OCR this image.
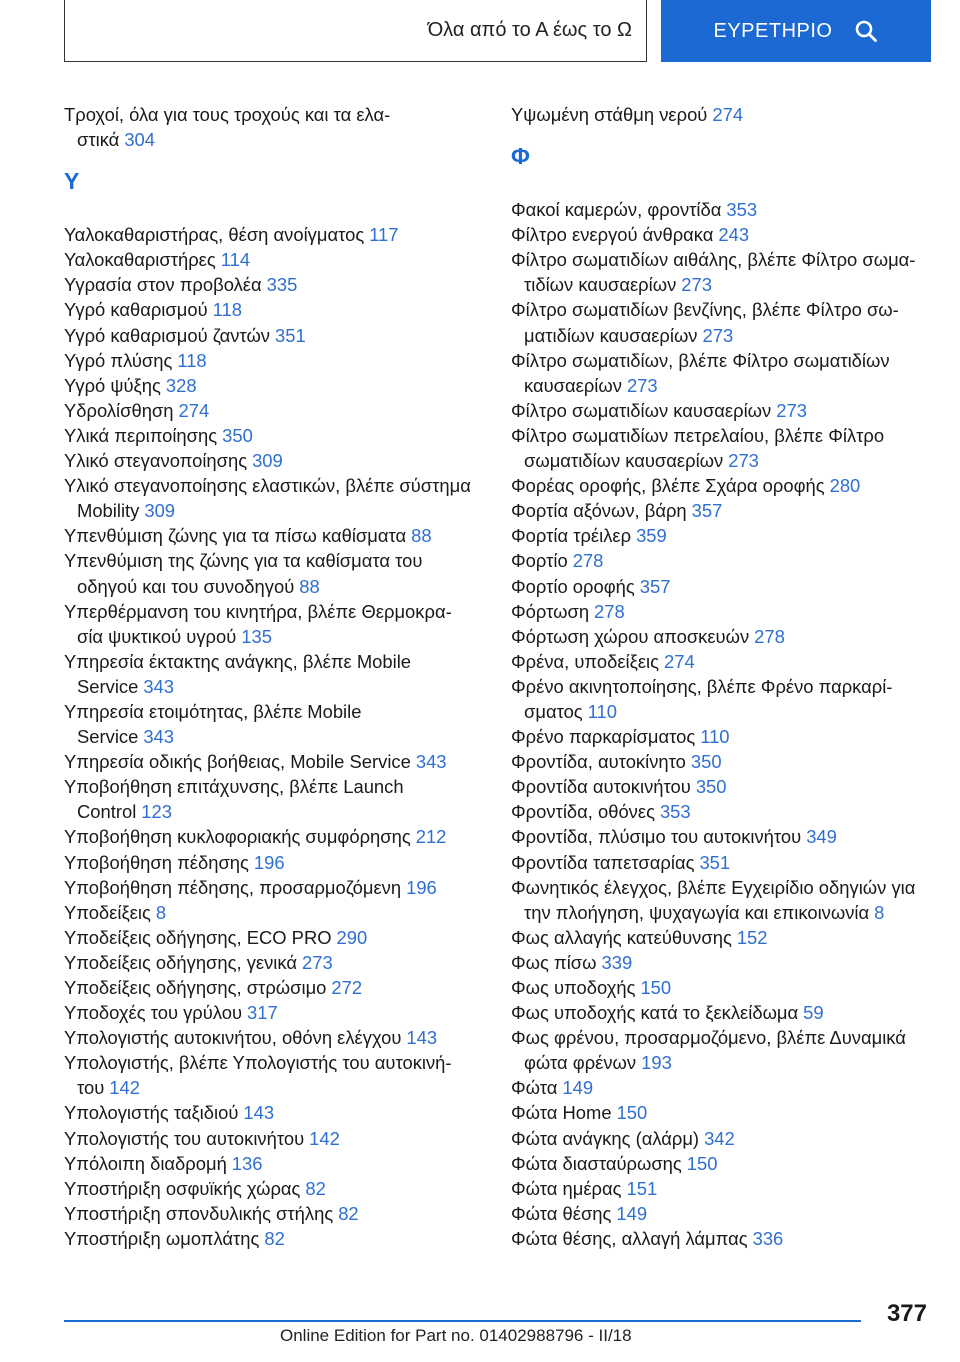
Όλα από το Α έως το Ω	ΕΥΡΕΤΗΡΙΟ
Τροχοί, όλα για τους τροχούς και τα ελα-
στικά 304
Υ
Υαλοκαθαριστήρας, θέση ανοίγματος 117
Υαλοκαθαριστήρες 114
Υγρασία στον προβολέα 335
Υγρό καθαρισμού 118
Υγρό καθαρισμού ζαντών 351
Υγρό πλύσης 118
Υγρό ψύξης 328
Υδρολίσθηση 274
Υλικά περιποίησης 350
Υλικό στεγανοποίησης 309
Υλικό στεγανοποίησης ελαστικών, βλέπε σύστημα
Mobility 309
Υπενθύμιση ζώνης για τα πίσω καθίσματα 88
Υπενθύμιση της ζώνης για τα καθίσματα του
οδηγού και του συνοδηγού 88
Υπερθέρμανση του κινητήρα, βλέπε Θερμοκρα-
σία ψυκτικού υγρού 135
Υπηρεσία έκτακτης ανάγκης, βλέπε Mobile
Service 343
Υπηρεσία ετοιμότητας, βλέπε Mobile
Service 343
Υπηρεσία οδικής βοήθειας, Mobile Service 343
Υποβοήθηση επιτάχυνσης, βλέπε Launch
Control 123
Υποβοήθηση κυκλοφοριακής συμφόρησης 212
Υποβοήθηση πέδησης 196
Υποβοήθηση πέδησης, προσαρμοζόμενη 196
Υποδείξεις 8
Υποδείξεις οδήγησης, ECO PRO 290
Υποδείξεις οδήγησης, γενικά 273
Υποδείξεις οδήγησης, στρώσιμο 272
Υποδοχές του γρύλου 317
Υπολογιστής αυτοκινήτου, οθόνη ελέγχου 143
Υπολογιστής, βλέπε Υπολογιστής του αυτοκινή-
του 142
Υπολογιστής ταξιδιού 143
Υπολογιστής του αυτοκινήτου 142
Υπόλοιπη διαδρομή 136
Υποστήριξη οσφυϊκής χώρας 82
Υποστήριξη σπονδυλικής στήλης 82
Υποστήριξη ωμοπλάτης 82
Υψωμένη στάθμη νερού 274
Φ
Φακοί καμερών, φροντίδα 353
Φίλτρο ενεργού άνθρακα 243
Φίλτρο σωματιδίων αιθάλης, βλέπε Φίλτρο σωμα-
τιδίων καυσαερίων 273
Φίλτρο σωματιδίων βενζίνης, βλέπε Φίλτρο σω-
ματιδίων καυσαερίων 273
Φίλτρο σωματιδίων, βλέπε Φίλτρο σωματιδίων
καυσαερίων 273
Φίλτρο σωματιδίων καυσαερίων 273
Φίλτρο σωματιδίων πετρελαίου, βλέπε Φίλτρο
σωματιδίων καυσαερίων 273
Φορέας οροφής, βλέπε Σχάρα οροφής 280
Φορτία αξόνων, βάρη 357
Φορτία τρέιλερ 359
Φορτίο 278
Φορτίο οροφής 357
Φόρτωση 278
Φόρτωση χώρου αποσκευών 278
Φρένα, υποδείξεις 274
Φρένο ακινητοποίησης, βλέπε Φρένο παρκαρί-
σματος 110
Φρένο παρκαρίσματος 110
Φροντίδα, αυτοκίνητο 350
Φροντίδα αυτοκινήτου 350
Φροντίδα, οθόνες 353
Φροντίδα, πλύσιμο του αυτοκινήτου 349
Φροντίδα ταπετσαρίας 351
Φωνητικός έλεγχος, βλέπε Εγχειρίδιο οδηγιών για
την πλοήγηση, ψυχαγωγία και επικοινωνία 8
Φως αλλαγής κατεύθυνσης 152
Φως πίσω 339
Φως υποδοχής 150
Φως υποδοχής κατά το ξεκλείδωμα 59
Φως φρένου, προσαρμοζόμενο, βλέπε Δυναμικά
φώτα φρένων 193
Φώτα 149
Φώτα Home 150
Φώτα ανάγκης (αλάρμ) 342
Φώτα διασταύρωσης 150
Φώτα ημέρας 151
Φώτα θέσης 149
Φώτα θέσης, αλλαγή λάμπας 336
377
Online Edition for Part no. 01402988796 - II/18
